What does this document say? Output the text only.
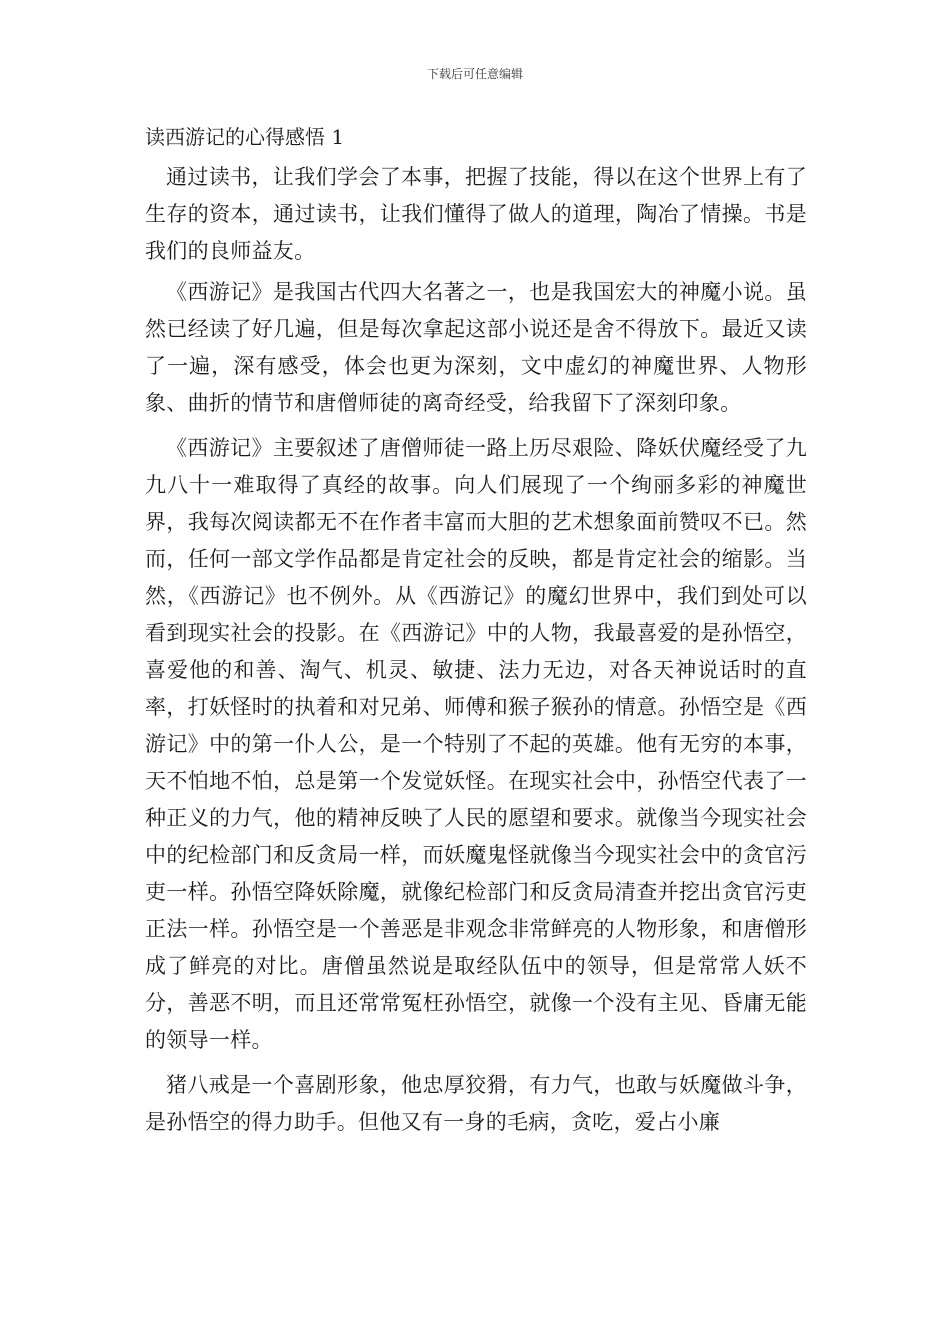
下载后可任意编辑
读西游记的心得感悟 1

通过读书，让我们学会了本事，把握了技能，得以在这个世界上有了生存的资本，通过读书，让我们懂得了做人的道理，陶冶了情操。书是我们的良师益友。

《西游记》是我国古代四大名著之一，也是我国宏大的神魔小说。虽然已经读了好几遍，但是每次拿起这部小说还是舍不得放下。最近又读了一遍，深有感受，体会也更为深刻，文中虚幻的神魔世界、人物形象、曲折的情节和唐僧师徒的离奇经受，给我留下了深刻印象。

《西游记》主要叙述了唐僧师徒一路上历尽艰险、降妖伏魔经受了九九八十一难取得了真经的故事。向人们展现了一个绚丽多彩的神魔世界，我每次阅读都无不在作者丰富而大胆的艺术想象面前赞叹不已。然而，任何一部文学作品都是肯定社会的反映，都是肯定社会的缩影。当然，《西游记》也不例外。从《西游记》的魔幻世界中，我们到处可以看到现实社会的投影。在《西游记》中的人物，我最喜爱的是孙悟空，喜爱他的和善、淘气、机灵、敏捷、法力无边，对各天神说话时的直率，打妖怪时的执着和对兄弟、师傅和猴子猴孙的情意。孙悟空是《西游记》中的第一仆人公，是一个特别了不起的英雄。他有无穷的本事，天不怕地不怕，总是第一个发觉妖怪。在现实社会中，孙悟空代表了一种正义的力气，他的精神反映了人民的愿望和要求。就像当今现实社会中的纪检部门和反贪局一样，而妖魔鬼怪就像当今现实社会中的贪官污吏一样。孙悟空降妖除魔，就像纪检部门和反贪局清查并挖出贪官污吏正法一样。孙悟空是一个善恶是非观念非常鲜亮的人物形象，和唐僧形成了鲜亮的对比。唐僧虽然说是取经队伍中的领导，但是常常人妖不分，善恶不明，而且还常常冤枉孙悟空，就像一个没有主见、昏庸无能的领导一样。

猪八戒是一个喜剧形象，他忠厚狡猾，有力气，也敢与妖魔做斗争，是孙悟空的得力助手。但他又有一身的毛病，贪吃，爱占小廉
